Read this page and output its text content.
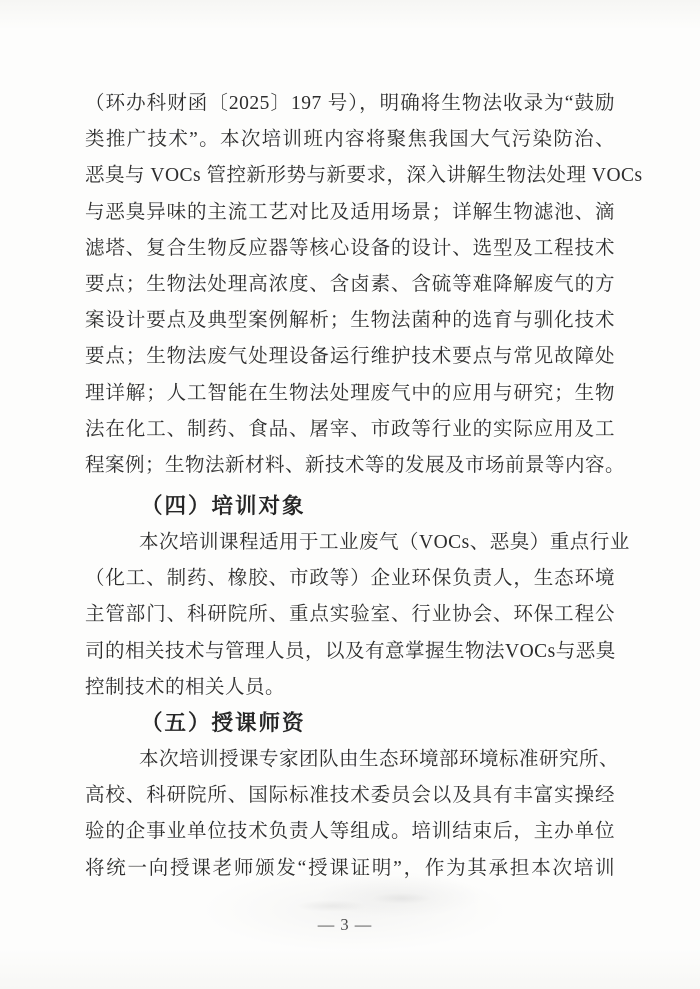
（环办科财函〔2025〕197 号），明确将生物法收录为“鼓励
类推广技术”。本次培训班内容将聚焦我国大气污染防治、
恶臭与 VOCs 管控新形势与新要求，深入讲解生物法处理 VOCs
与恶臭异味的主流工艺对比及适用场景；详解生物滤池、滴
滤塔、复合生物反应器等核心设备的设计、选型及工程技术
要点；生物法处理高浓度、含卤素、含硫等难降解废气的方
案设计要点及典型案例解析；生物法菌种的选育与驯化技术
要点；生物法废气处理设备运行维护技术要点与常见故障处
理详解；人工智能在生物法处理废气中的应用与研究；生物
法在化工、制药、食品、屠宰、市政等行业的实际应用及工
程案例；生物法新材料、新技术等的发展及市场前景等内容。
（四）培训对象
本次培训课程适用于工业废气（VOCs、恶臭）重点行业
（化工、制药、橡胶、市政等）企业环保负责人，生态环境
主管部门、科研院所、重点实验室、行业协会、环保工程公
司的相关技术与管理人员，以及有意掌握生物法VOCs与恶臭
控制技术的相关人员。
（五）授课师资
本次培训授课专家团队由生态环境部环境标准研究所、
高校、科研院所、国际标准技术委员会以及具有丰富实操经
验的企事业单位技术负责人等组成。培训结束后，主办单位
将统一向授课老师颁发“授课证明”，作为其承担本次培训
— 3 —
